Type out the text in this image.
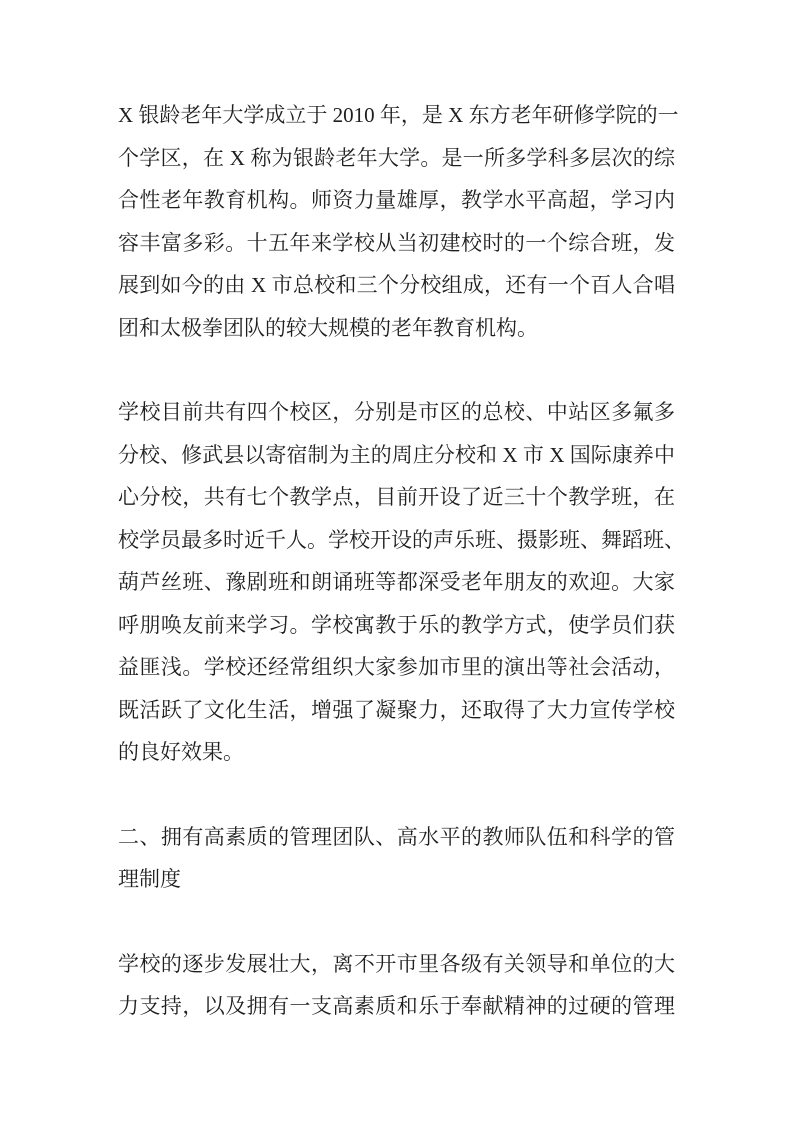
X 银龄老年大学成立于 2010 年，是 X 东方老年研修学院的一
个学区，在 X 称为银龄老年大学。是一所多学科多层次的综
合性老年教育机构。师资力量雄厚，教学水平高超，学习内
容丰富多彩。十五年来学校从当初建校时的一个综合班，发
展到如今的由 X 市总校和三个分校组成，还有一个百人合唱
团和太极拳团队的较大规模的老年教育机构。
学校目前共有四个校区，分别是市区的总校、中站区多氟多
分校、修武县以寄宿制为主的周庄分校和 X 市 X 国际康养中
心分校，共有七个教学点，目前开设了近三十个教学班，在
校学员最多时近千人。学校开设的声乐班、摄影班、舞蹈班、
葫芦丝班、豫剧班和朗诵班等都深受老年朋友的欢迎。大家
呼朋唤友前来学习。学校寓教于乐的教学方式，使学员们获
益匪浅。学校还经常组织大家参加市里的演出等社会活动，
既活跃了文化生活，增强了凝聚力，还取得了大力宣传学校
的良好效果。
二、拥有高素质的管理团队、高水平的教师队伍和科学的管
理制度
学校的逐步发展壮大，离不开市里各级有关领导和单位的大
力支持，以及拥有一支高素质和乐于奉献精神的过硬的管理
